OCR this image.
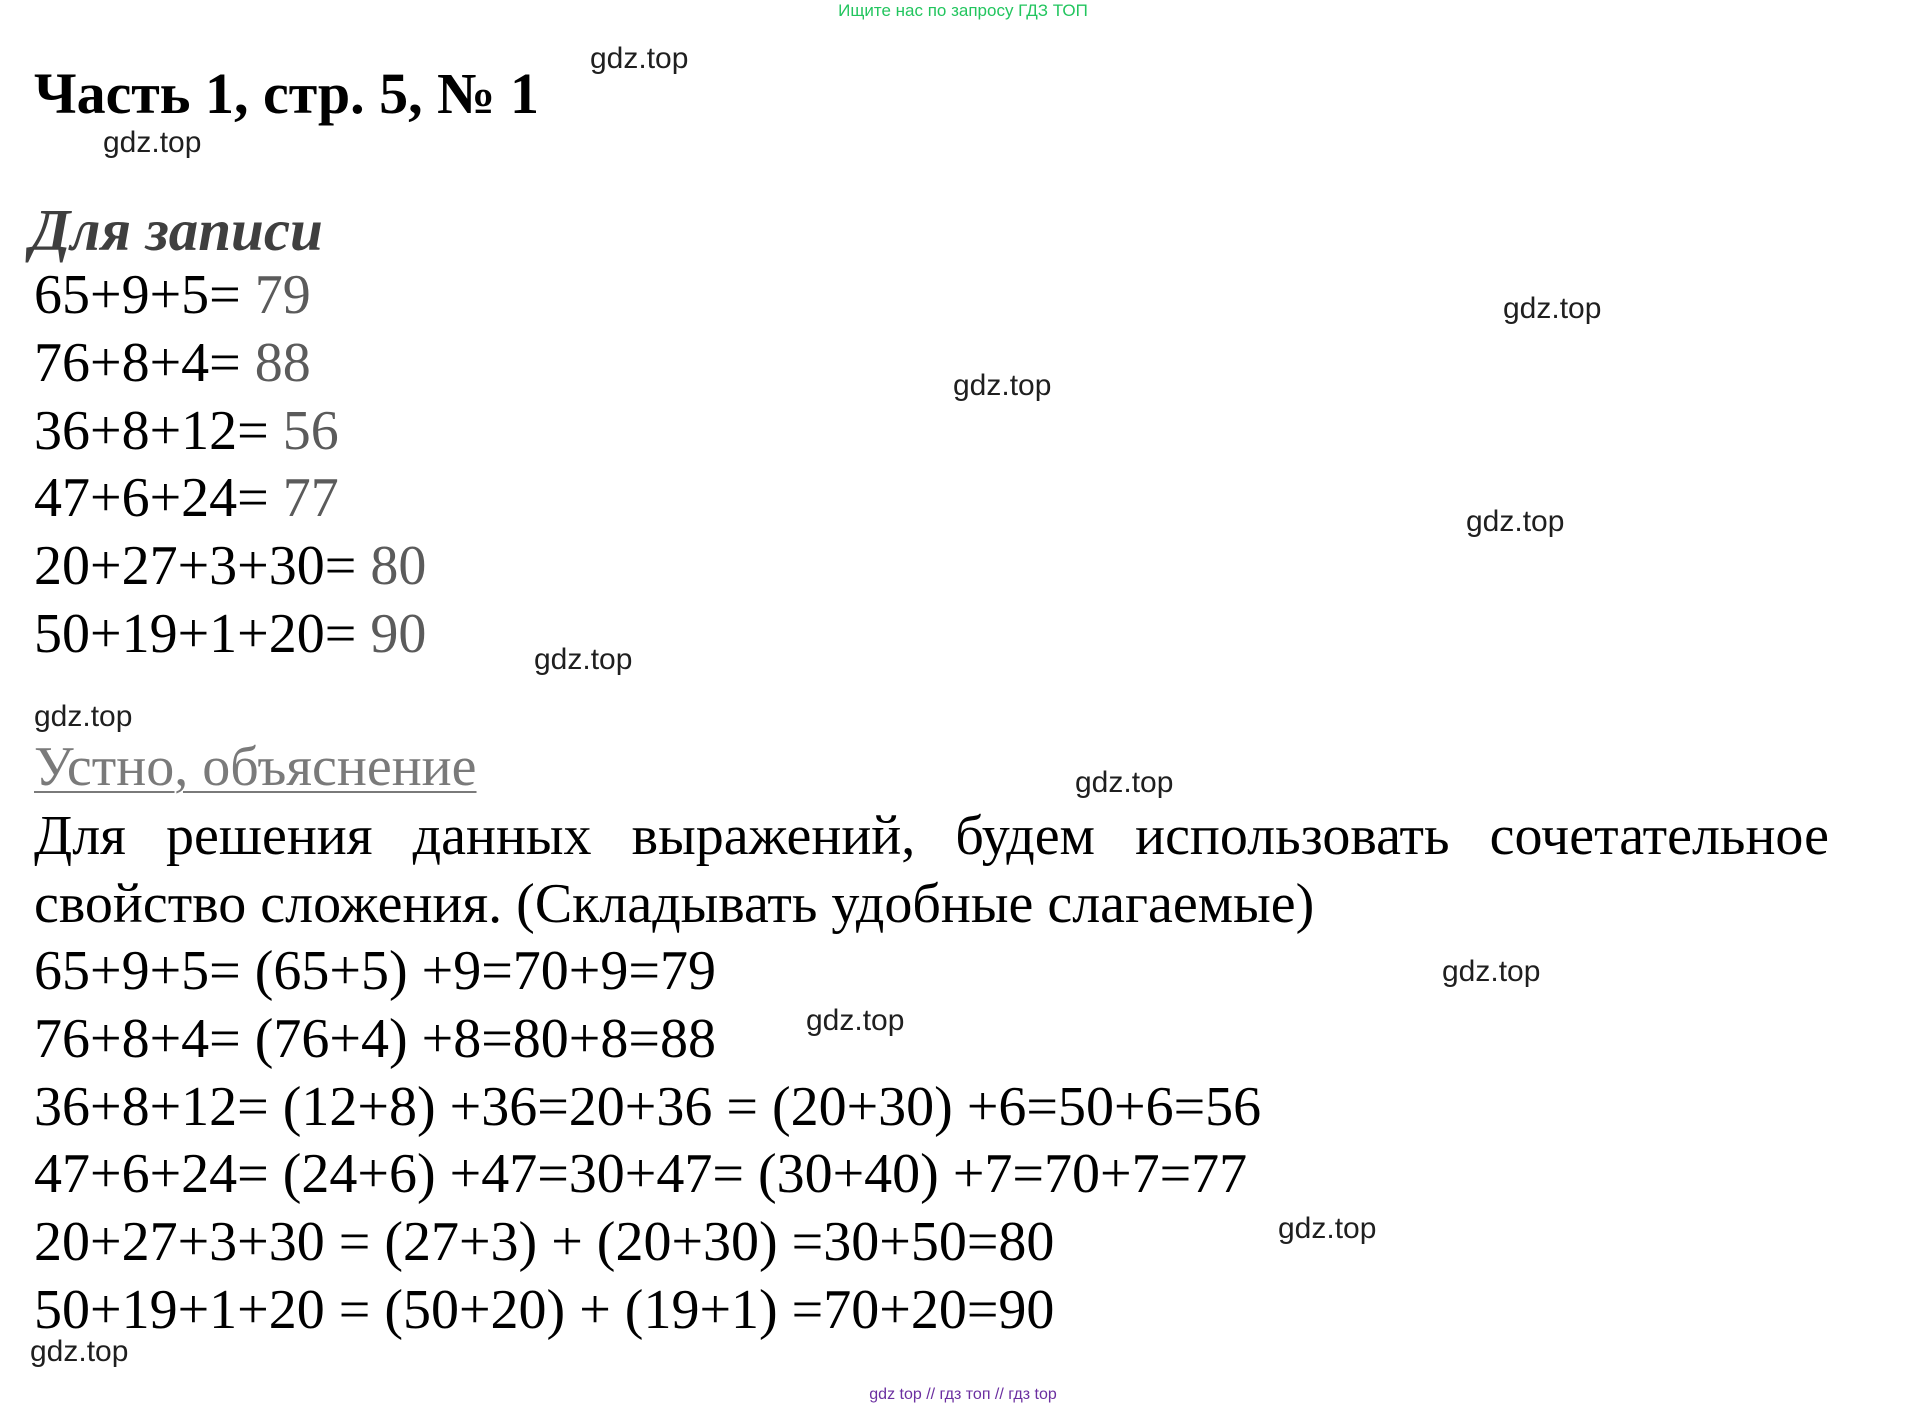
Ищите нас по запросу ГДЗ ТОП
Часть 1, стр. 5, № 1
Для записи
65+9+5= 79
76+8+4= 88
36+8+12= 56
47+6+24= 77
20+27+3+30= 80
50+19+1+20= 90
Устно, объяснение
Для решения данных выражений, будем использовать сочетательное
свойство сложения. (Складывать удобные слагаемые)
65+9+5= (65+5) +9=70+9=79
76+8+4= (76+4) +8=80+8=88
36+8+12= (12+8) +36=20+36 = (20+30) +6=50+6=56
47+6+24= (24+6) +47=30+47= (30+40) +7=70+7=77
20+27+3+30 = (27+3) + (20+30) =30+50=80
50+19+1+20 = (50+20) + (19+1) =70+20=90
gdz.top
gdz.top
gdz.top
gdz.top
gdz.top
gdz.top
gdz.top
gdz.top
gdz.top
gdz.top
gdz.top
gdz.top
gdz top // гдз топ // гдз top
